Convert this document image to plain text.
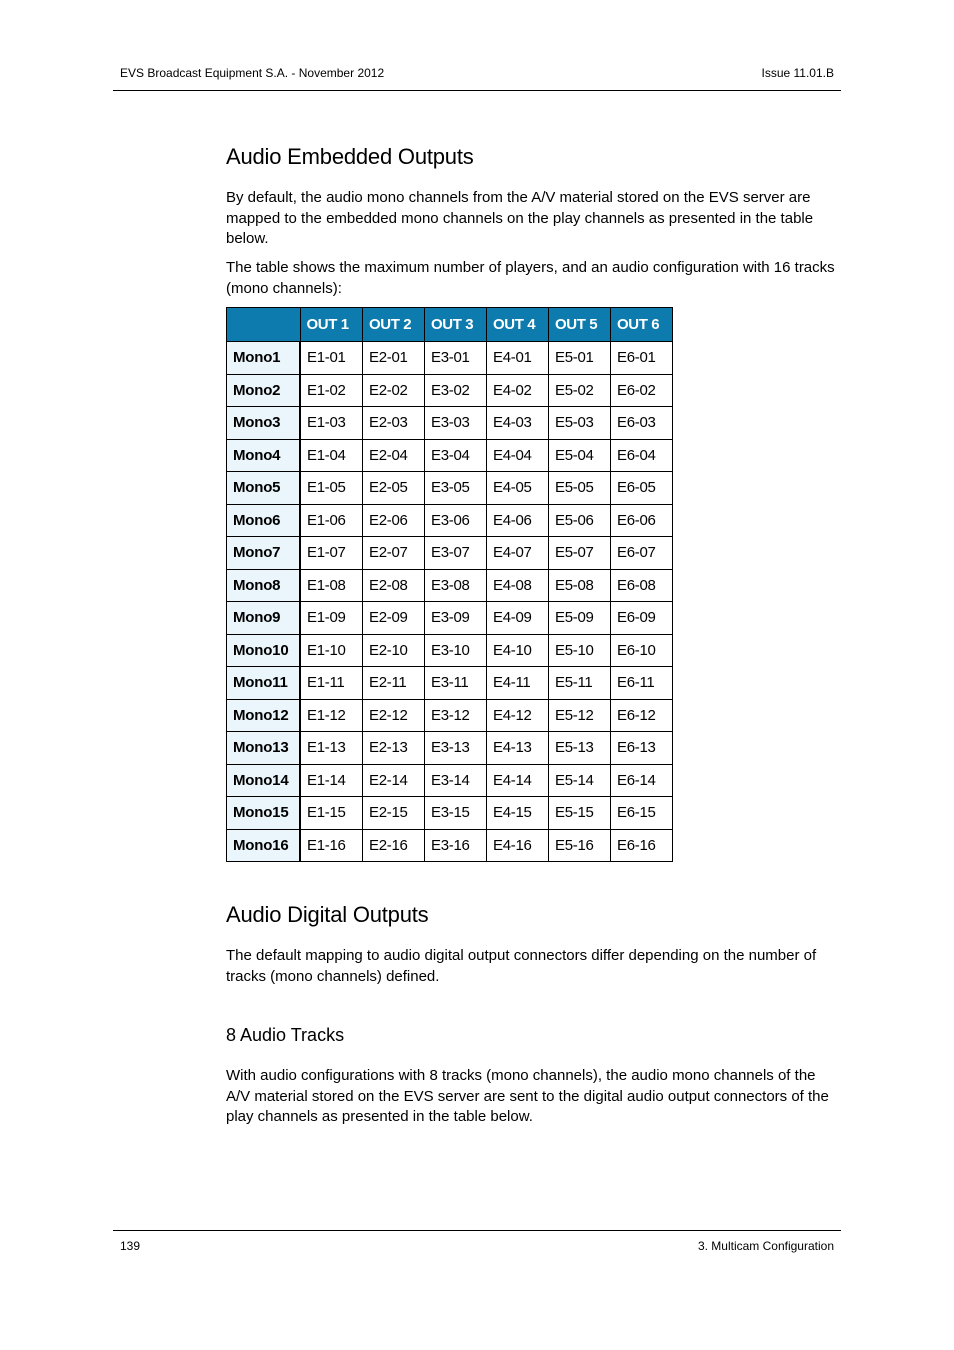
EVS Broadcast Equipment S.A. - November 2012	Issue 11.01.B
Audio Embedded Outputs

By default, the audio mono channels from the A/V material stored on the EVS server are mapped to the embedded mono channels on the play channels as presented in the table below.

The table shows the maximum number of players, and an audio configuration with 16 tracks (mono channels):

	OUT 1	OUT 2	OUT 3	OUT 4	OUT 5	OUT 6
Mono1	E1-01	E2-01	E3-01	E4-01	E5-01	E6-01
Mono2	E1-02	E2-02	E3-02	E4-02	E5-02	E6-02
Mono3	E1-03	E2-03	E3-03	E4-03	E5-03	E6-03
Mono4	E1-04	E2-04	E3-04	E4-04	E5-04	E6-04
Mono5	E1-05	E2-05	E3-05	E4-05	E5-05	E6-05
Mono6	E1-06	E2-06	E3-06	E4-06	E5-06	E6-06
Mono7	E1-07	E2-07	E3-07	E4-07	E5-07	E6-07
Mono8	E1-08	E2-08	E3-08	E4-08	E5-08	E6-08
Mono9	E1-09	E2-09	E3-09	E4-09	E5-09	E6-09
Mono10	E1-10	E2-10	E3-10	E4-10	E5-10	E6-10
Mono11	E1-11	E2-11	E3-11	E4-11	E5-11	E6-11
Mono12	E1-12	E2-12	E3-12	E4-12	E5-12	E6-12
Mono13	E1-13	E2-13	E3-13	E4-13	E5-13	E6-13
Mono14	E1-14	E2-14	E3-14	E4-14	E5-14	E6-14
Mono15	E1-15	E2-15	E3-15	E4-15	E5-15	E6-15
Mono16	E1-16	E2-16	E3-16	E4-16	E5-16	E6-16
Audio Digital Outputs

The default mapping to audio digital output connectors differ depending on the number of tracks (mono channels) defined.

8 Audio Tracks

With audio configurations with 8 tracks (mono channels), the audio mono channels of the A/V material stored on the EVS server are sent to the digital audio output connectors of the play channels as presented in the table below.

139	3. Multicam Configuration
